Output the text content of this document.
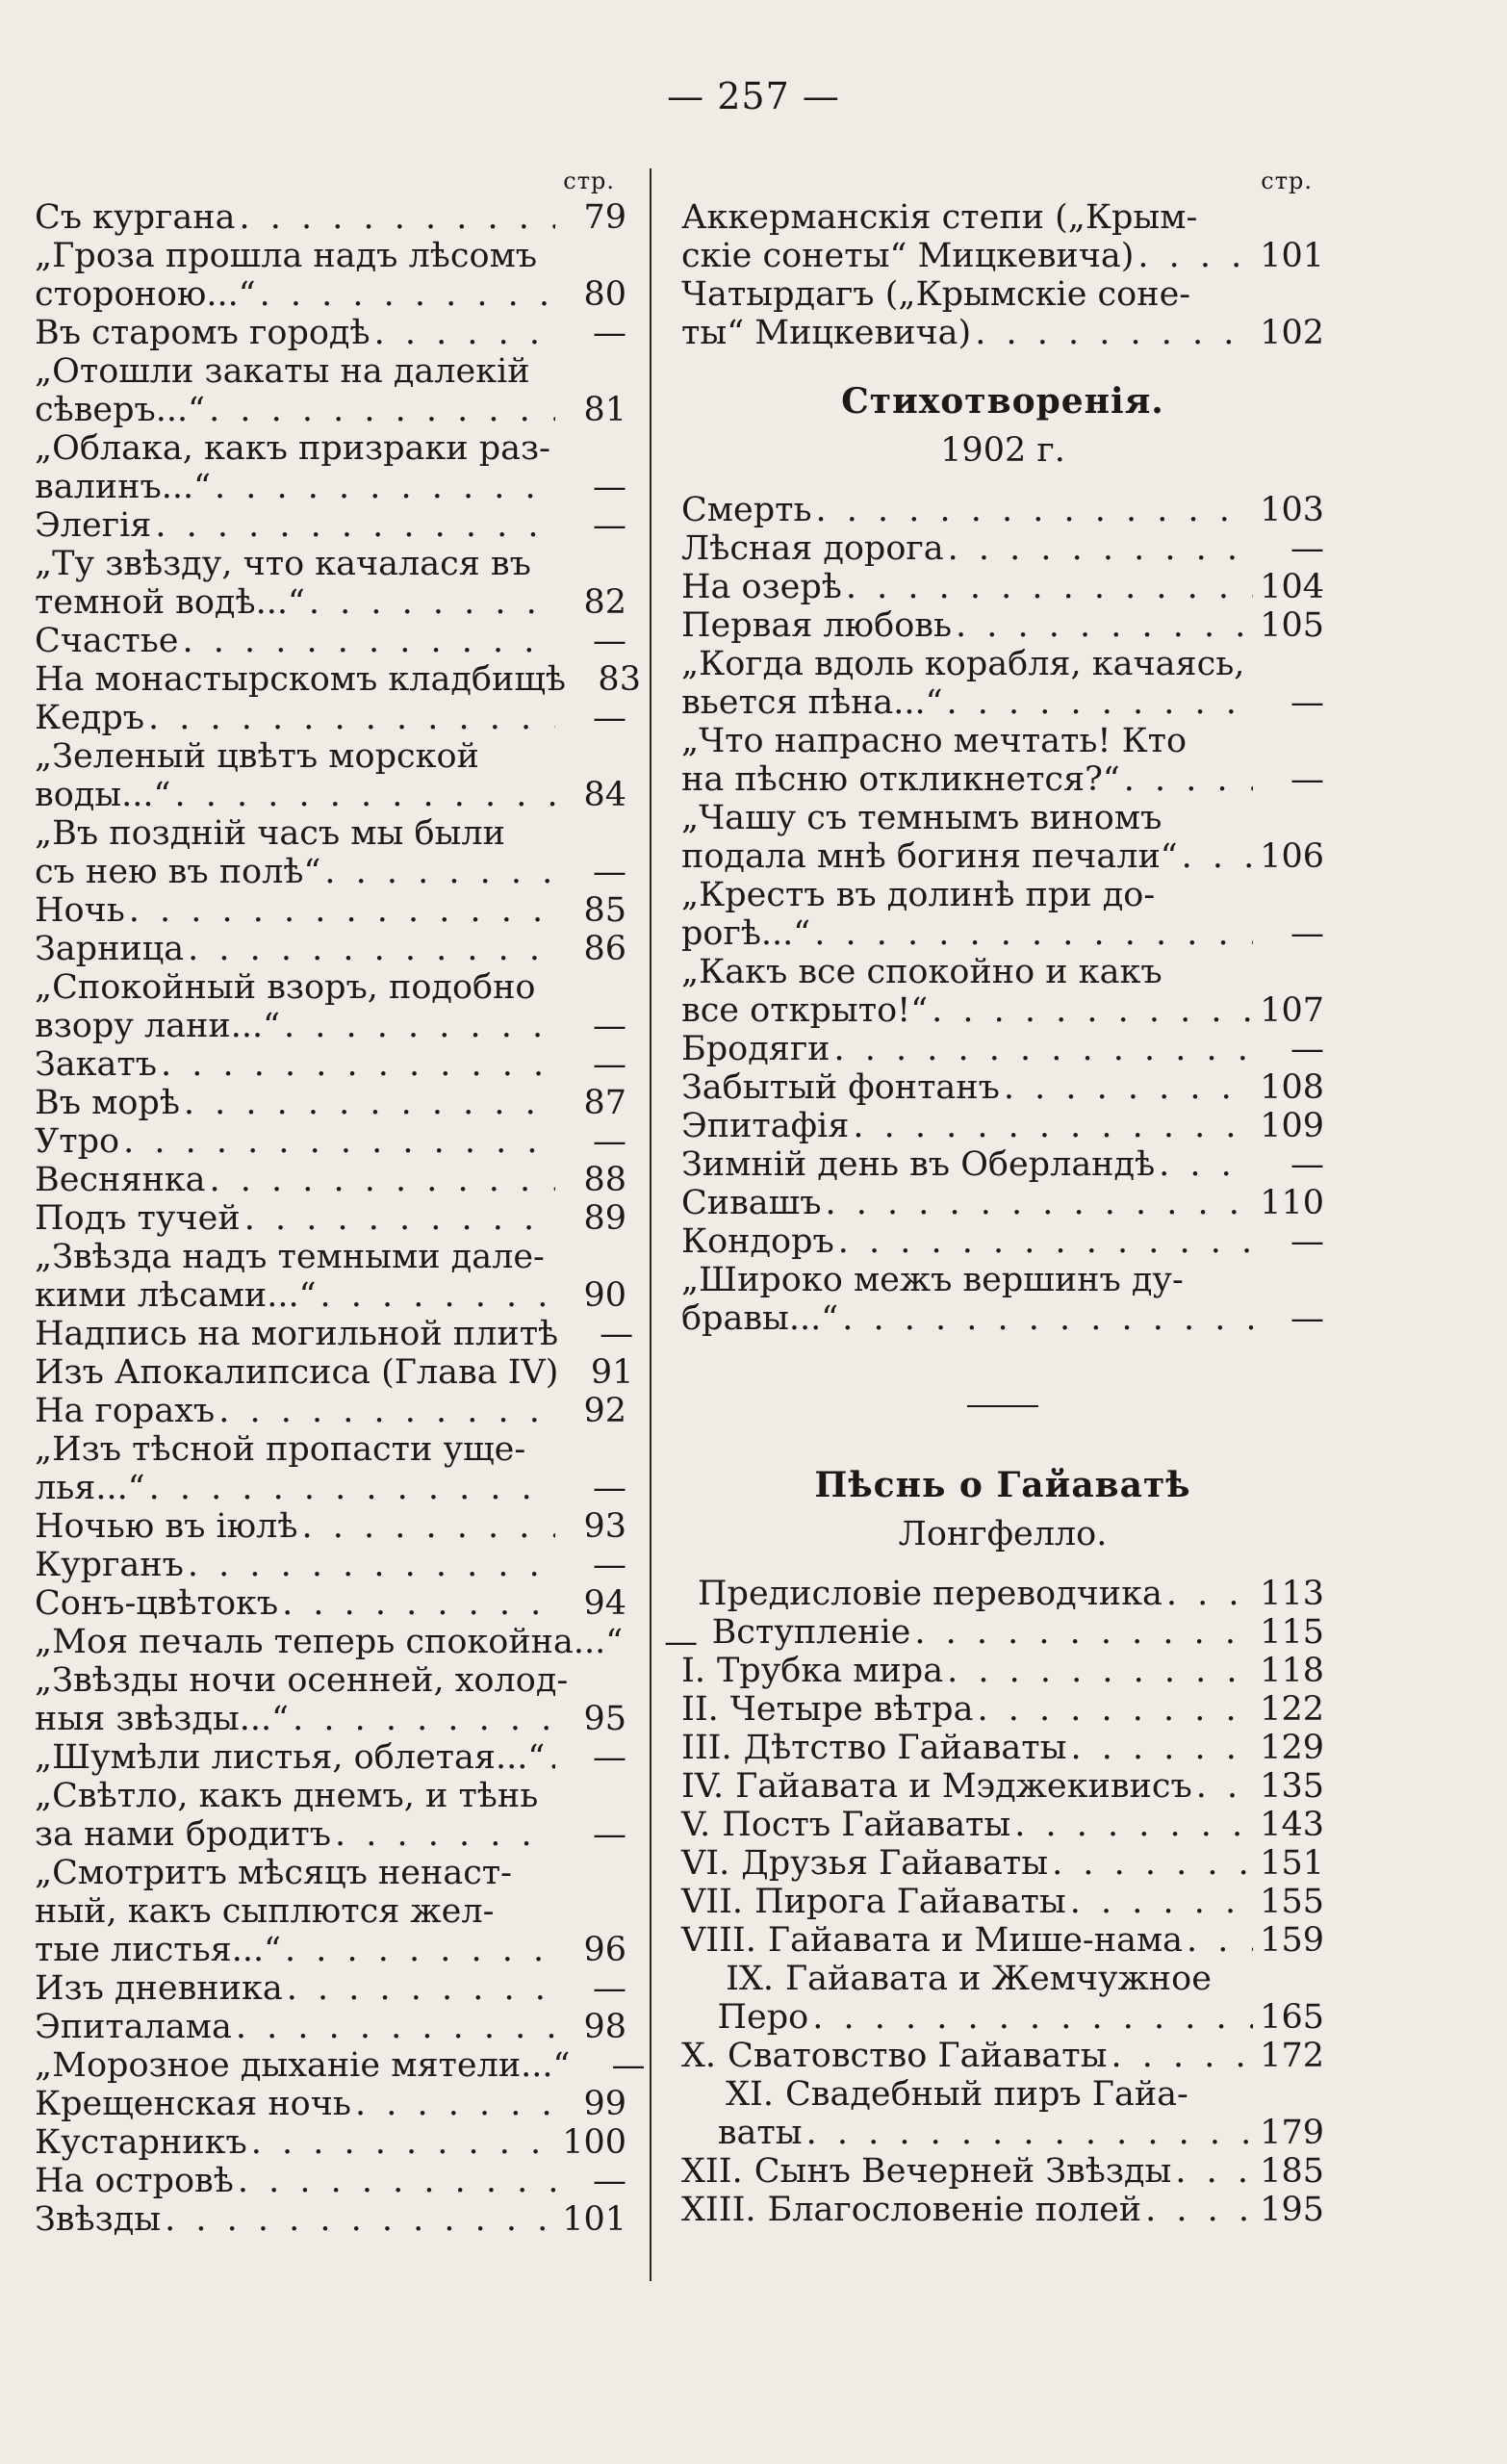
— 257 —
стр.
Съ кургана . . .	79
„Гроза прошла надъ лѣсомъ
стороною...“ . . .	80
Въ старомъ городѣ . . .	—
„Отошли закаты на далекій
сѣверъ...“ . . .	81
„Облака, какъ призраки раз-
валинъ...“ . . .	—
Элегія . . .	—
„Ту звѣзду, что качалася въ
темной водѣ...“ . . .	82
Счастье . . .	—
На монастырскомъ кладбищѣ 83
Кедръ . . .	—
„Зеленый цвѣтъ морской
воды...“ . . .	84
„Въ поздній часъ мы были
съ нею въ полѣ“ . . .	—
Ночь . . .	85
Зарница . . .	86
„Спокойный взоръ, подобно
взору лани...“ . . .	—
Закатъ . . .	—
Въ морѣ . . .	87
Утро . . .	—
Веснянка . . .	88
Подъ тучей . . .	89
„Звѣзда надъ темными дале-
кими лѣсами...“ . . .	90
Надпись на могильной плитѣ	—
Изъ Апокалипсиса (Глава IV) 91
На горахъ . . .	92
„Изъ тѣсной пропасти уще-
лья...“ . . .	—
Ночью въ іюлѣ . . .	93
Курганъ . . .	—
Сонъ-цвѣтокъ . . .	94
„Моя печаль теперь спокойна...“	—
„Звѣзды ночи осенней, холод-
ныя звѣзды...“ . . .	95
„Шумѣли листья, облетая...“ . . .	—
„Свѣтло, какъ днемъ, и тѣнь
за нами бродитъ . . .	—
„Смотритъ мѣсяцъ ненаст-
ный, какъ сыплются жел-
тые листья...“ . . .	96
Изъ дневника . . .	—
Эпиталама . . .	98
„Морозное дыханіе мятели...“	—
Крещенская ночь . . .	99
Кустарникъ . . .	100
На островѣ . . .	—
Звѣзды . . .	101
стр.
Аккерманскія степи („Крым-
скіе сонеты“ Мицкевича) . . .	101
Чатырдагъ („Крымскіе соне-
ты“ Мицкевича) . . .	102
Стихотворенія.
1902 г.
Смерть . . .	103
Лѣсная дорога . . .	—
На озерѣ . . .	104
Первая любовь . . .	105
„Когда вдоль корабля, качаясь,
вьется пѣна...“ . . .	—
„Что напрасно мечтать! Кто
на пѣсню откликнется?“ . . .	—
„Чашу съ темнымъ виномъ
подала мнѣ богиня печали“ . . . 106
„Крестъ въ долинѣ при до-
рогѣ...“ . . .	—
„Какъ все спокойно и какъ
все открыто!“ . . .	107
Бродяги . . .	—
Забытый фонтанъ . . .	108
Эпитафія . . .	109
Зимній день въ Оберландѣ . . .	—
Сивашъ . . .	110
Кондоръ . . .	—
„Широко межъ вершинъ ду-
бравы...“ . . .	—
Пѣснь о Гайаватѣ
Лонгфелло.
Предисловіе переводчика . . .	113
Вступленіе . . .	115
I. Трубка мира . . .	118
II. Четыре вѣтра . . .	122
III. Дѣтство Гайаваты . . .	129
IV. Гайавата и Мэджекивисъ . . . 135
V. Постъ Гайаваты . . .	143
VI. Друзья Гайаваты . . .	151
VII. Пирога Гайаваты . . .	155
VIII. Гайавата и Мише-нама . . . 159
IX. Гайавата и Жемчужное
Перо . . .	165
X. Сватовство Гайаваты . . .	172
XI. Свадебный пиръ Гайа-
ваты . . .	179
XII. Сынъ Вечерней Звѣзды . . .	185
XIII. Благословеніе полей . . .	195
